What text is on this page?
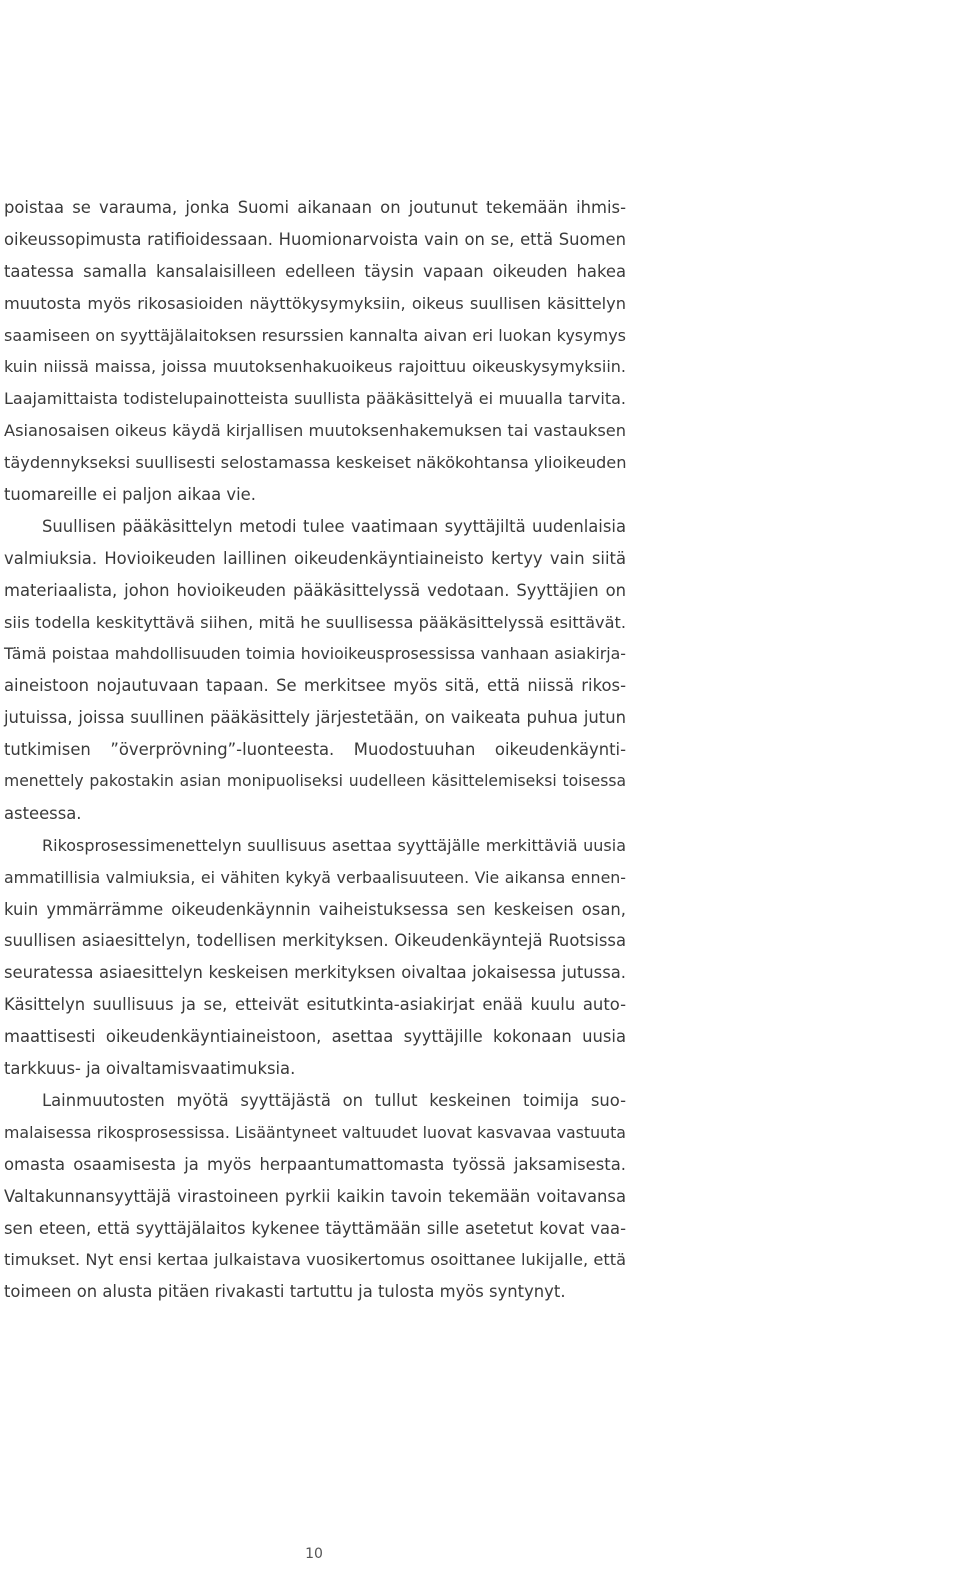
poistaa se varauma, jonka Suomi aikanaan on joutunut tekemään ihmis-
oikeussopimusta ratifioidessaan. Huomionarvoista vain on se, että Suomen
taatessa samalla kansalaisilleen edelleen täysin vapaan oikeuden hakea
muutosta myös rikosasioiden näyttökysymyksiin, oikeus suullisen käsittelyn
saamiseen on syyttäjälaitoksen resurssien kannalta aivan eri luokan kysymys
kuin niissä maissa, joissa muutoksenhakuoikeus rajoittuu oikeuskysymyksiin.
Laajamittaista todistelupainotteista suullista pääkäsittelyä ei muualla tarvita.
Asianosaisen oikeus käydä kirjallisen muutoksenhakemuksen tai vastauksen
täydennykseksi suullisesti selostamassa keskeiset näkökohtansa ylioikeuden
tuomareille ei paljon aikaa vie.
Suullisen pääkäsittelyn metodi tulee vaatimaan syyttäjiltä uudenlaisia
valmiuksia. Hovioikeuden laillinen oikeudenkäyntiaineisto kertyy vain siitä
materiaalista, johon hovioikeuden pääkäsittelyssä vedotaan. Syyttäjien on
siis todella keskityttävä siihen, mitä he suullisessa pääkäsittelyssä esittävät.
Tämä poistaa mahdollisuuden toimia hovioikeusprosessissa vanhaan asiakirja-
aineistoon nojautuvaan tapaan. Se merkitsee myös sitä, että niissä rikos-
jutuissa, joissa suullinen pääkäsittely järjestetään, on vaikeata puhua jutun
tutkimisen ”överprövning”-luonteesta. Muodostuuhan oikeudenkäynti-
menettely pakostakin asian monipuoliseksi uudelleen käsittelemiseksi toisessa
asteessa.
Rikosprosessimenettelyn suullisuus asettaa syyttäjälle merkittäviä uusia
ammatillisia valmiuksia, ei vähiten kykyä verbaalisuuteen. Vie aikansa ennen-
kuin ymmärrämme oikeudenkäynnin vaiheistuksessa sen keskeisen osan,
suullisen asiaesittelyn, todellisen merkityksen. Oikeudenkäyntejä Ruotsissa
seuratessa asiaesittelyn keskeisen merkityksen oivaltaa jokaisessa jutussa.
Käsittelyn suullisuus ja se, etteivät esitutkinta-asiakirjat enää kuulu auto-
maattisesti oikeudenkäyntiaineistoon, asettaa syyttäjille kokonaan uusia
tarkkuus- ja oivaltamisvaatimuksia.
Lainmuutosten myötä syyttäjästä on tullut keskeinen toimija suo-
malaisessa rikosprosessissa. Lisääntyneet valtuudet luovat kasvavaa vastuuta
omasta osaamisesta ja myös herpaantumattomasta työssä jaksamisesta.
Valtakunnansyyttäjä virastoineen pyrkii kaikin tavoin tekemään voitavansa
sen eteen, että syyttäjälaitos kykenee täyttämään sille asetetut kovat vaa-
timukset. Nyt ensi kertaa julkaistava vuosikertomus osoittanee lukijalle, että
toimeen on alusta pitäen rivakasti tartuttu ja tulosta myös syntynyt.
10
